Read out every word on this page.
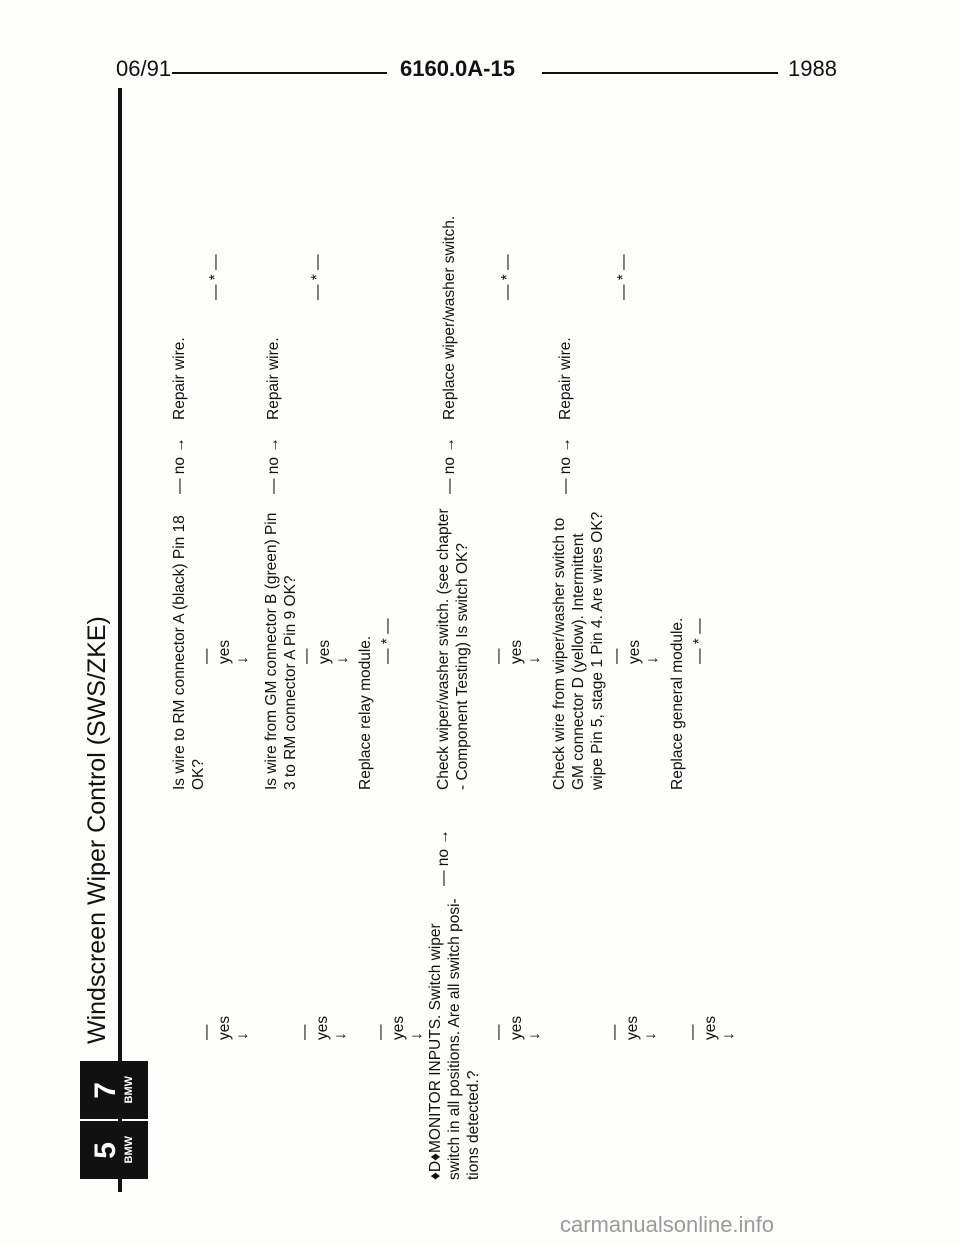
06/91	6160.0A-15	1988
7 BMW
5 BMW
Windscreen Wiper Control (SWS/ZKE)	— yes ↓	— yes ↓ — yes ↓	— yes ↓	— yes ↓ — yes ↓
♦D♦MONITOR INPUTS. Switch wiper switch in all positions. Are all switch posi- tions detected.?
— no →
Is wire to RM connector A (black) Pin 18 OK?
— no →
Repair wire.
— * —
— yes ↓ Is wire from GM connector B (green) Pin 3 to RM connector A Pin 9 OK?
— no →
Repair wire.
— * —
— yes ↓ Replace relay module. — * —	Check wiper/washer switch. (see chapter - Component Testing) Is switch OK?
— no →
Replace wiper/washer switch.	— * —
— yes ↓ Check wire from wiper/washer switch to GM connector D (yellow). Intermittent wipe Pin 5, stage 1 Pin 4. Are wires OK?
— no →
Repair wire.
— * —
— yes ↓ Replace general module. — * —
carmanualsonline.info
